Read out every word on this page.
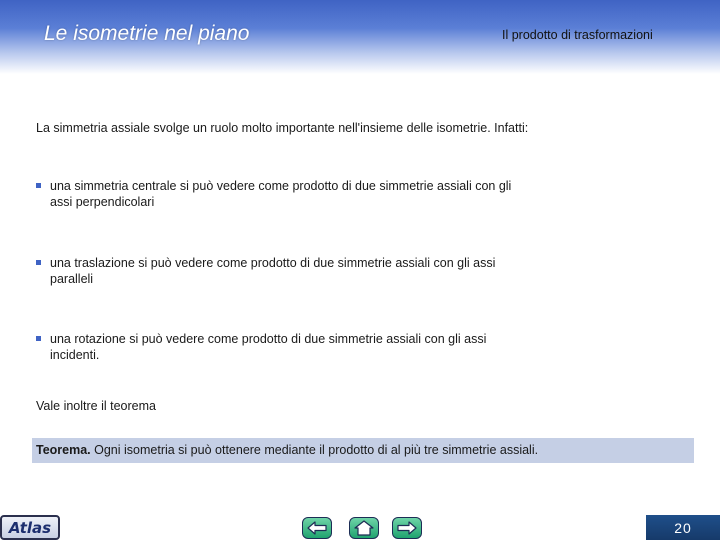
Le isometrie nel piano	Il prodotto di trasformazioni
La simmetria assiale svolge un ruolo molto importante nell'insieme delle isometrie. Infatti:
una simmetria centrale si può vedere come prodotto di due simmetrie assiali con gli assi perpendicolari
una traslazione si può vedere come prodotto di due simmetrie assiali con gli assi paralleli
una rotazione si può vedere come prodotto di due simmetrie assiali con gli assi incidenti.
Vale inoltre il teorema
Teorema. Ogni isometria si può ottenere mediante il prodotto di al più tre simmetrie assiali.
Atlas	20
